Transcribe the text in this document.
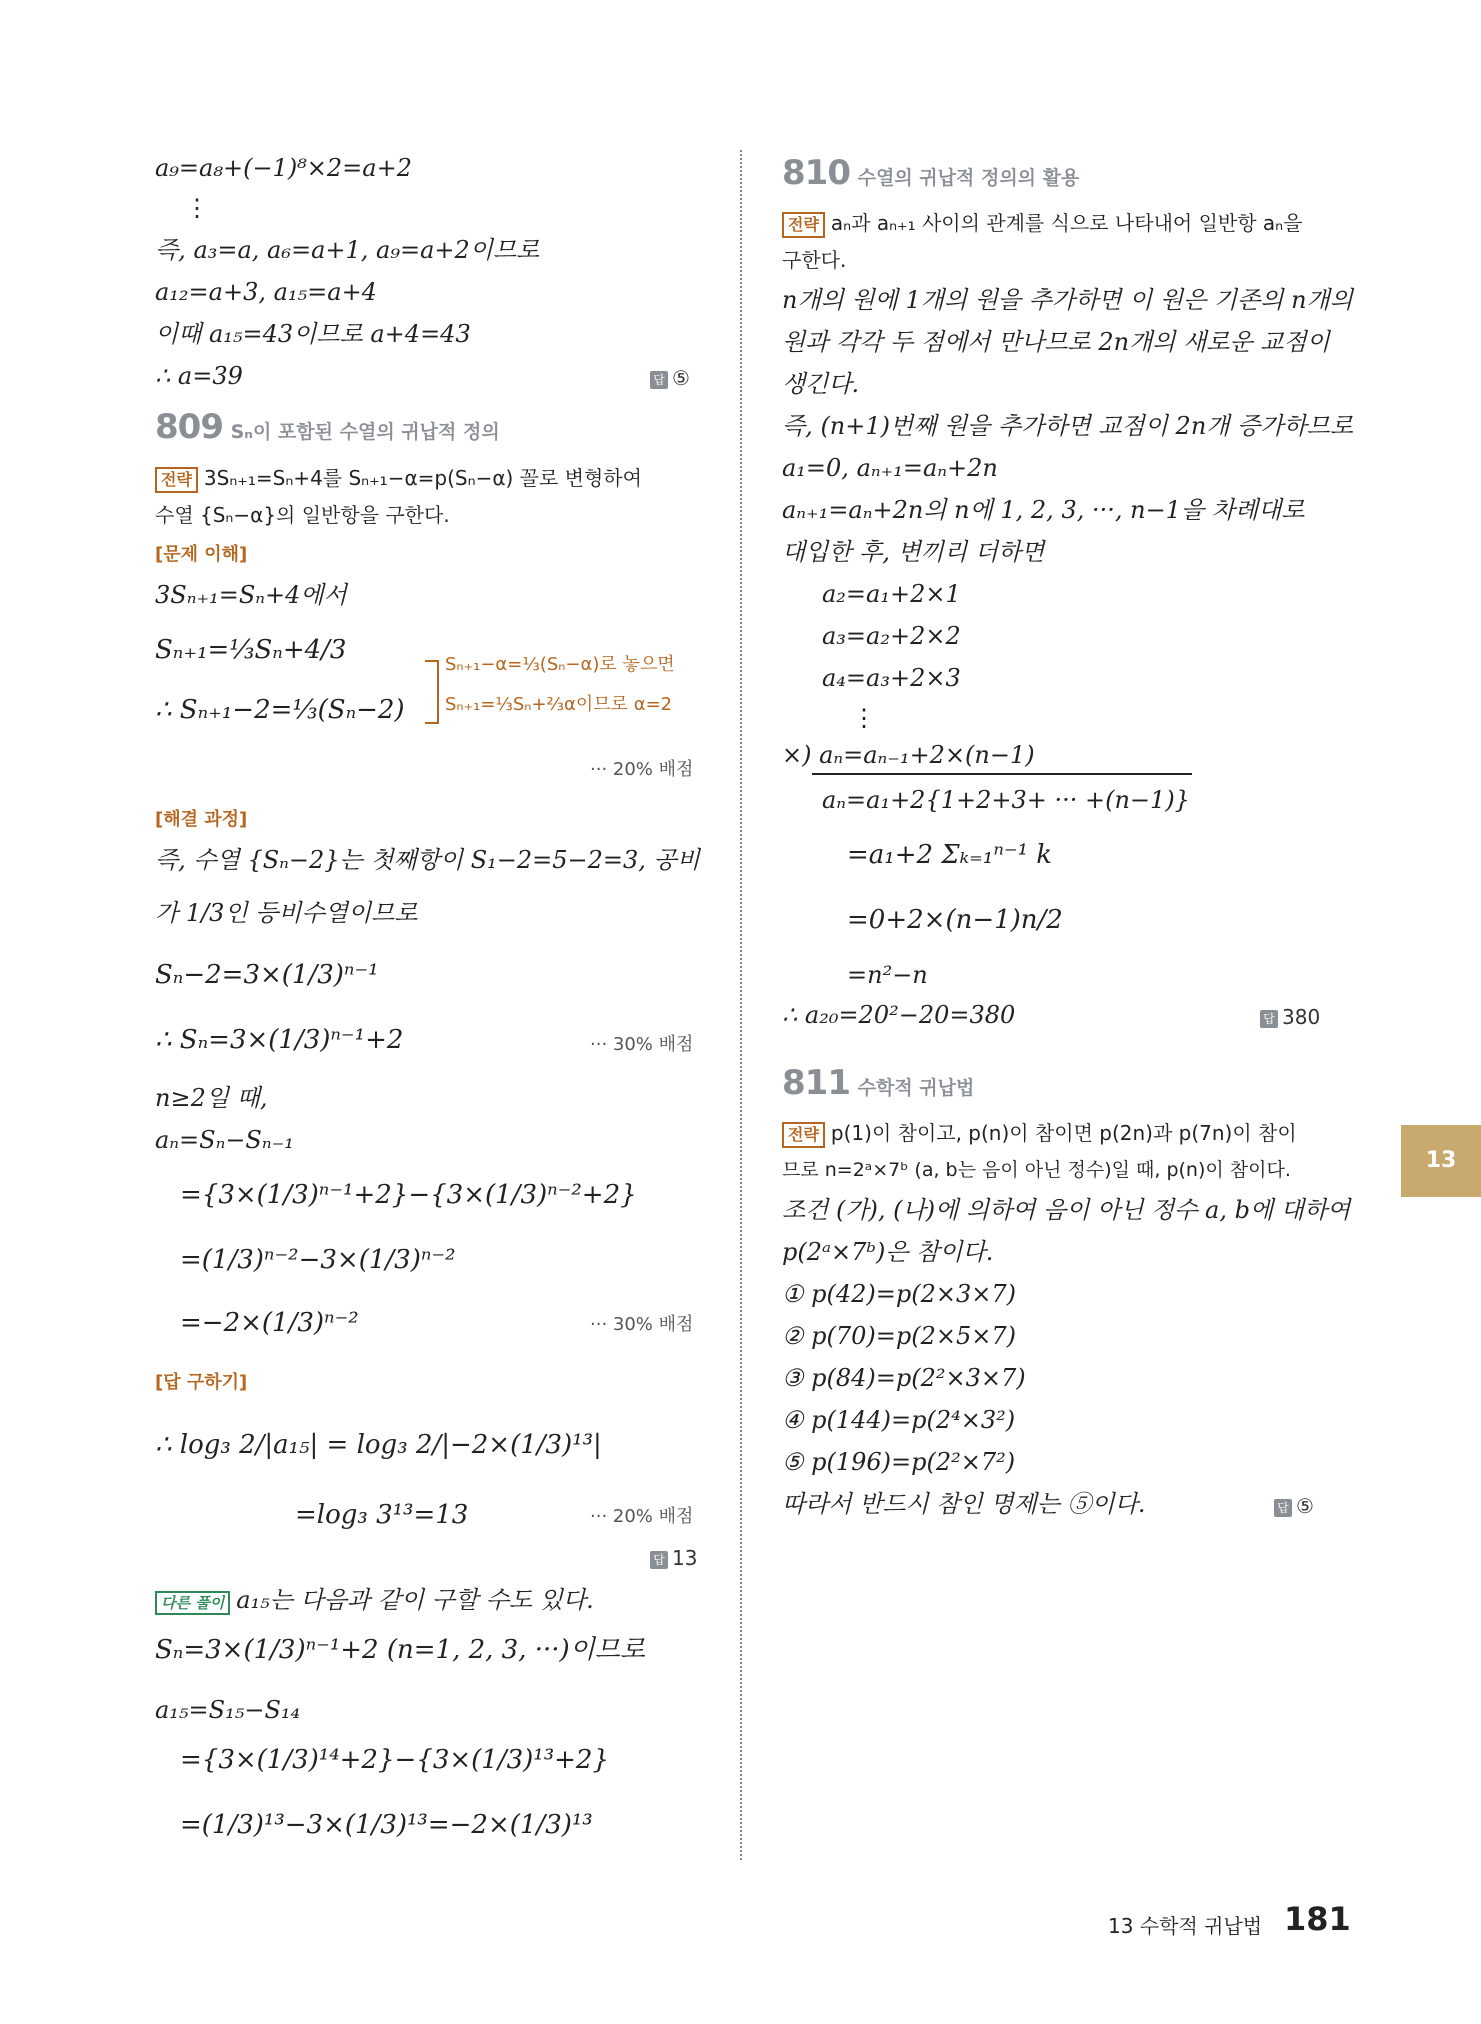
a₉=a₈+(−1)⁸×2=a+2
⋮
즉, a₃=a, a₆=a+1, a₉=a+2이므로
a₁₂=a+3, a₁₅=a+4
이때 a₁₅=43이므로 a+4=43
∴ a=39	답 ⑤
809 Sₙ이 포함된 수열의 귀납적 정의
전략 3Sₙ₊₁=Sₙ+4를 Sₙ₊₁−α=p(Sₙ−α) 꼴로 변형하여
수열 {Sₙ−α}의 일반항을 구한다.
[문제 이해]
3Sₙ₊₁=Sₙ+4에서
Sₙ₊₁=⅓Sₙ+4/3
∴ Sₙ₊₁−2=⅓(Sₙ−2)
Sₙ₊₁−α=⅓(Sₙ−α)로 놓으면
Sₙ₊₁=⅓Sₙ+⅔α이므로 α=2
··· 20% 배점
[해결 과정]
즉, 수열 {Sₙ−2}는 첫째항이 S₁−2=5−2=3, 공비
가 1/3인 등비수열이므로
Sₙ−2=3×(1/3)ⁿ⁻¹
∴ Sₙ=3×(1/3)ⁿ⁻¹+2	··· 30% 배점
n≥2일 때,
aₙ=Sₙ−Sₙ₋₁
={3×(1/3)ⁿ⁻¹+2}−{3×(1/3)ⁿ⁻²+2}
=(1/3)ⁿ⁻²−3×(1/3)ⁿ⁻²
=−2×(1/3)ⁿ⁻²	··· 30% 배점
[답 구하기]
∴ log₃ 2/|a₁₅| = log₃ 2/|−2×(1/3)¹³|
=log₃ 3¹³=13	··· 20% 배점
답 13
다른 풀이 a₁₅는 다음과 같이 구할 수도 있다.
Sₙ=3×(1/3)ⁿ⁻¹+2 (n=1, 2, 3, ···)이므로
a₁₅=S₁₅−S₁₄
={3×(1/3)¹⁴+2}−{3×(1/3)¹³+2}
=(1/3)¹³−3×(1/3)¹³=−2×(1/3)¹³
810 수열의 귀납적 정의의 활용
전략 aₙ과 aₙ₊₁ 사이의 관계를 식으로 나타내어 일반항 aₙ을
구한다.
n개의 원에 1개의 원을 추가하면 이 원은 기존의 n개의
원과 각각 두 점에서 만나므로 2n개의 새로운 교점이
생긴다.
즉, (n+1)번째 원을 추가하면 교점이 2n개 증가하므로
a₁=0, aₙ₊₁=aₙ+2n
aₙ₊₁=aₙ+2n의 n에 1, 2, 3, ···, n−1을 차례대로
대입한 후, 변끼리 더하면
a₂=a₁+2×1
a₃=a₂+2×2
a₄=a₃+2×3
⋮
×) aₙ=aₙ₋₁+2×(n−1)
aₙ=a₁+2{1+2+3+ ··· +(n−1)}
=a₁+2 Σₖ₌₁ⁿ⁻¹ k
=0+2×(n−1)n/2
=n²−n
∴ a₂₀=20²−20=380	답 380
811 수학적 귀납법
전략 p(1)이 참이고, p(n)이 참이면 p(2n)과 p(7n)이 참이
므로 n=2ᵃ×7ᵇ (a, b는 음이 아닌 정수)일 때, p(n)이 참이다.
조건 (가), (나)에 의하여 음이 아닌 정수 a, b에 대하여
p(2ᵃ×7ᵇ)은 참이다.
① p(42)=p(2×3×7)
② p(70)=p(2×5×7)
③ p(84)=p(2²×3×7)
④ p(144)=p(2⁴×3²)
⑤ p(196)=p(2²×7²)
따라서 반드시 참인 명제는 ⑤이다.	답 ⑤
13
13 수학적 귀납법 181
